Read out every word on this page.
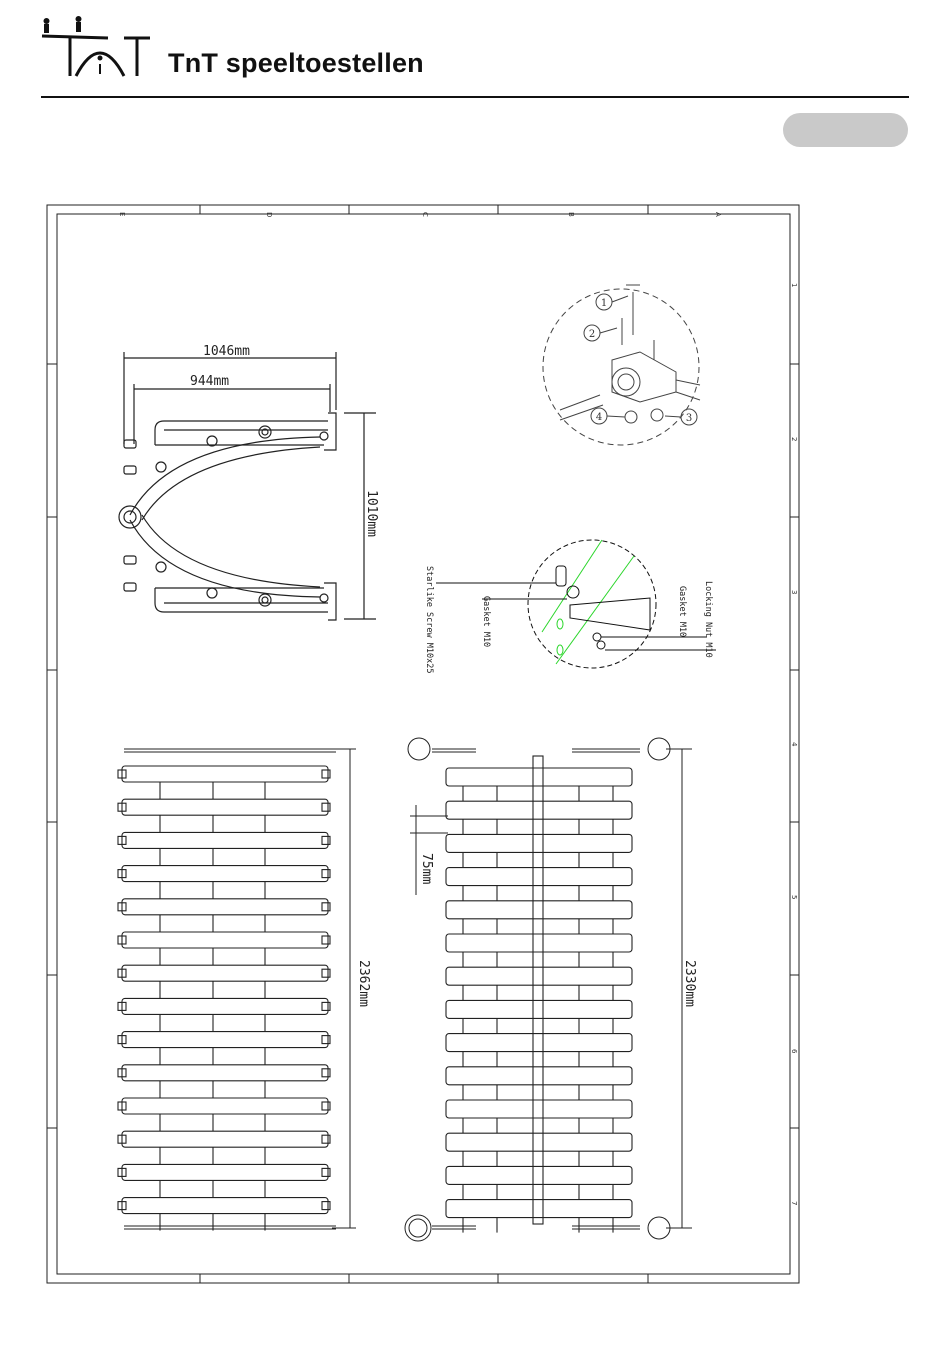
TnT speeltoestellen
E	D	C	B	A
1
2
3
4
5
6
7
1046mm
944mm
1010mm
1
2
3
4
Starlike Screw M10x25	Gasket M10	Locking Nut M10
Gasket M10
2362mm	2330mm
75mm
